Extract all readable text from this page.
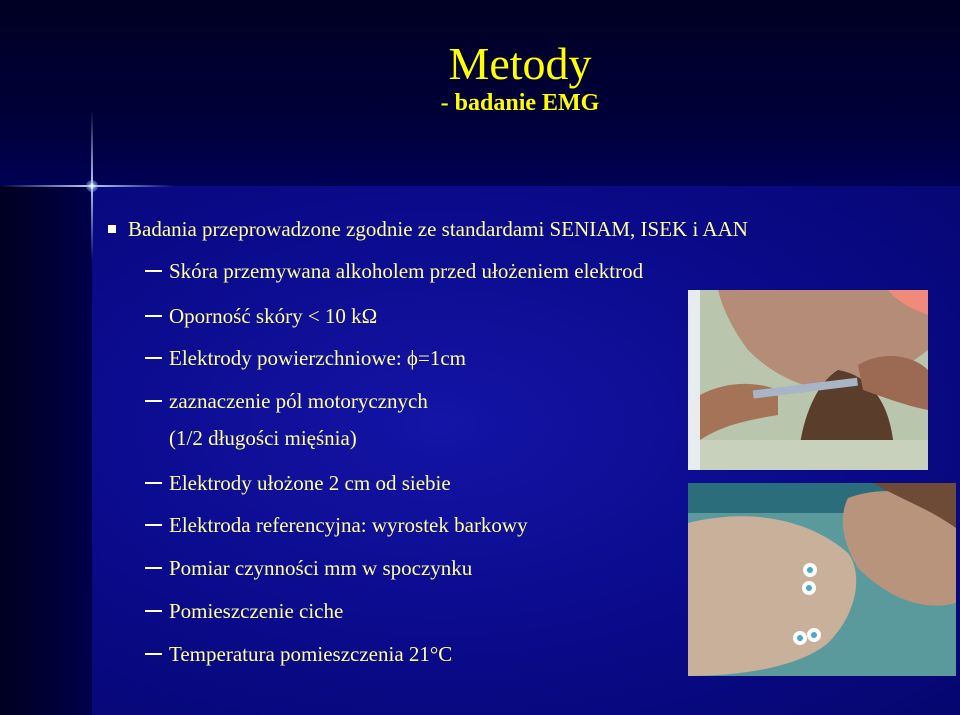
Metody
- badanie EMG
Badania przeprowadzone zgodnie ze standardami SENIAM, ISEK i AAN
Skóra przemywana alkoholem przed ułożeniem elektrod
Oporność skóry < 10 kΩ
Elektrody powierzchniowe: ϕ=1cm
zaznaczenie pól motorycznych
(1/2 długości mięśnia)
Elektrody ułożone 2 cm od siebie
Elektroda referencyjna: wyrostek barkowy
Pomiar czynności mm w spoczynku
Pomieszczenie ciche
Temperatura pomieszczenia 21°C
